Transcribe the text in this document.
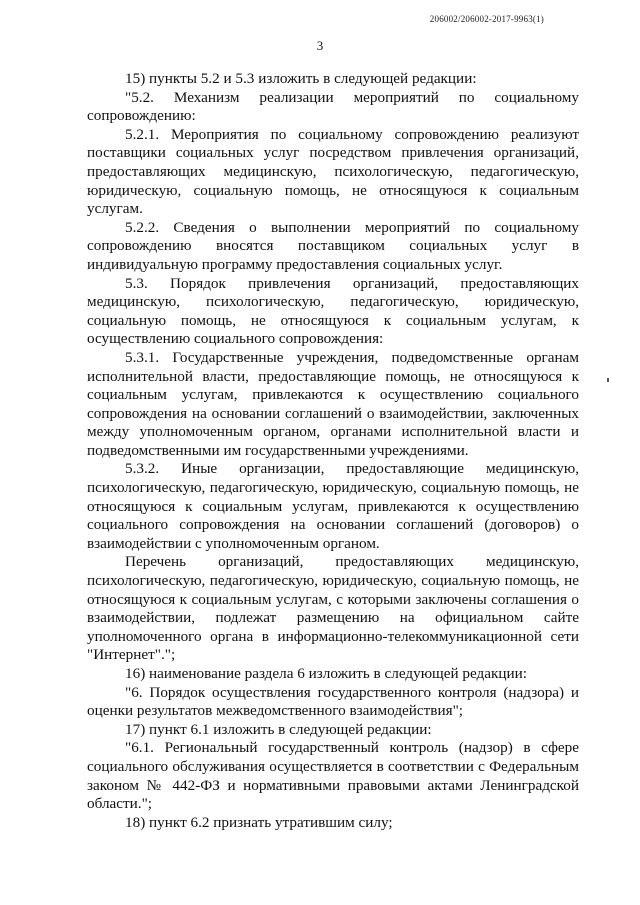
206002/206002-2017-9963(1)
3

15) пункты 5.2 и 5.3 изложить в следующей редакции:

"5.2. Механизм реализации мероприятий по социальному сопровождению:

5.2.1. Мероприятия по социальному сопровождению реализуют поставщики социальных услуг посредством привлечения организаций, предоставляющих медицинскую, психологическую, педагогическую, юридическую, социальную помощь, не относящуюся к социальным услугам.

5.2.2. Сведения о выполнении мероприятий по социальному сопровождению вносятся поставщиком социальных услуг в индивидуальную программу предоставления социальных услуг.

5.3. Порядок привлечения организаций, предоставляющих медицинскую, психологическую, педагогическую, юридическую, социальную помощь, не относящуюся к социальным услугам, к осуществлению социального сопровождения:

5.3.1. Государственные учреждения, подведомственные органам исполнительной власти, предоставляющие помощь, не относящуюся к социальным услугам, привлекаются к осуществлению социального сопровождения на основании соглашений о взаимодействии, заключенных между уполномоченным органом, органами исполнительной власти и подведомственными им государственными учреждениями.

5.3.2. Иные организации, предоставляющие медицинскую, психологическую, педагогическую, юридическую, социальную помощь, не относящуюся к социальным услугам, привлекаются к осуществлению социального сопровождения на основании соглашений (договоров) о взаимодействии с уполномоченным органом.

Перечень организаций, предоставляющих медицинскую, психологическую, педагогическую, юридическую, социальную помощь, не относящуюся к социальным услугам, с которыми заключены соглашения о взаимодействии, подлежат размещению на официальном сайте уполномоченного органа в информационно-телекоммуникационной сети "Интернет".";

16) наименование раздела 6 изложить в следующей редакции:

"6. Порядок осуществления государственного контроля (надзора) и оценки результатов межведомственного взаимодействия";

17) пункт 6.1 изложить в следующей редакции:

"6.1. Региональный государственный контроль (надзор) в сфере социального обслуживания осуществляется в соответствии с Федеральным законом № 442-ФЗ и нормативными правовыми актами Ленинградской области.";

18) пункт 6.2 признать утратившим силу;
